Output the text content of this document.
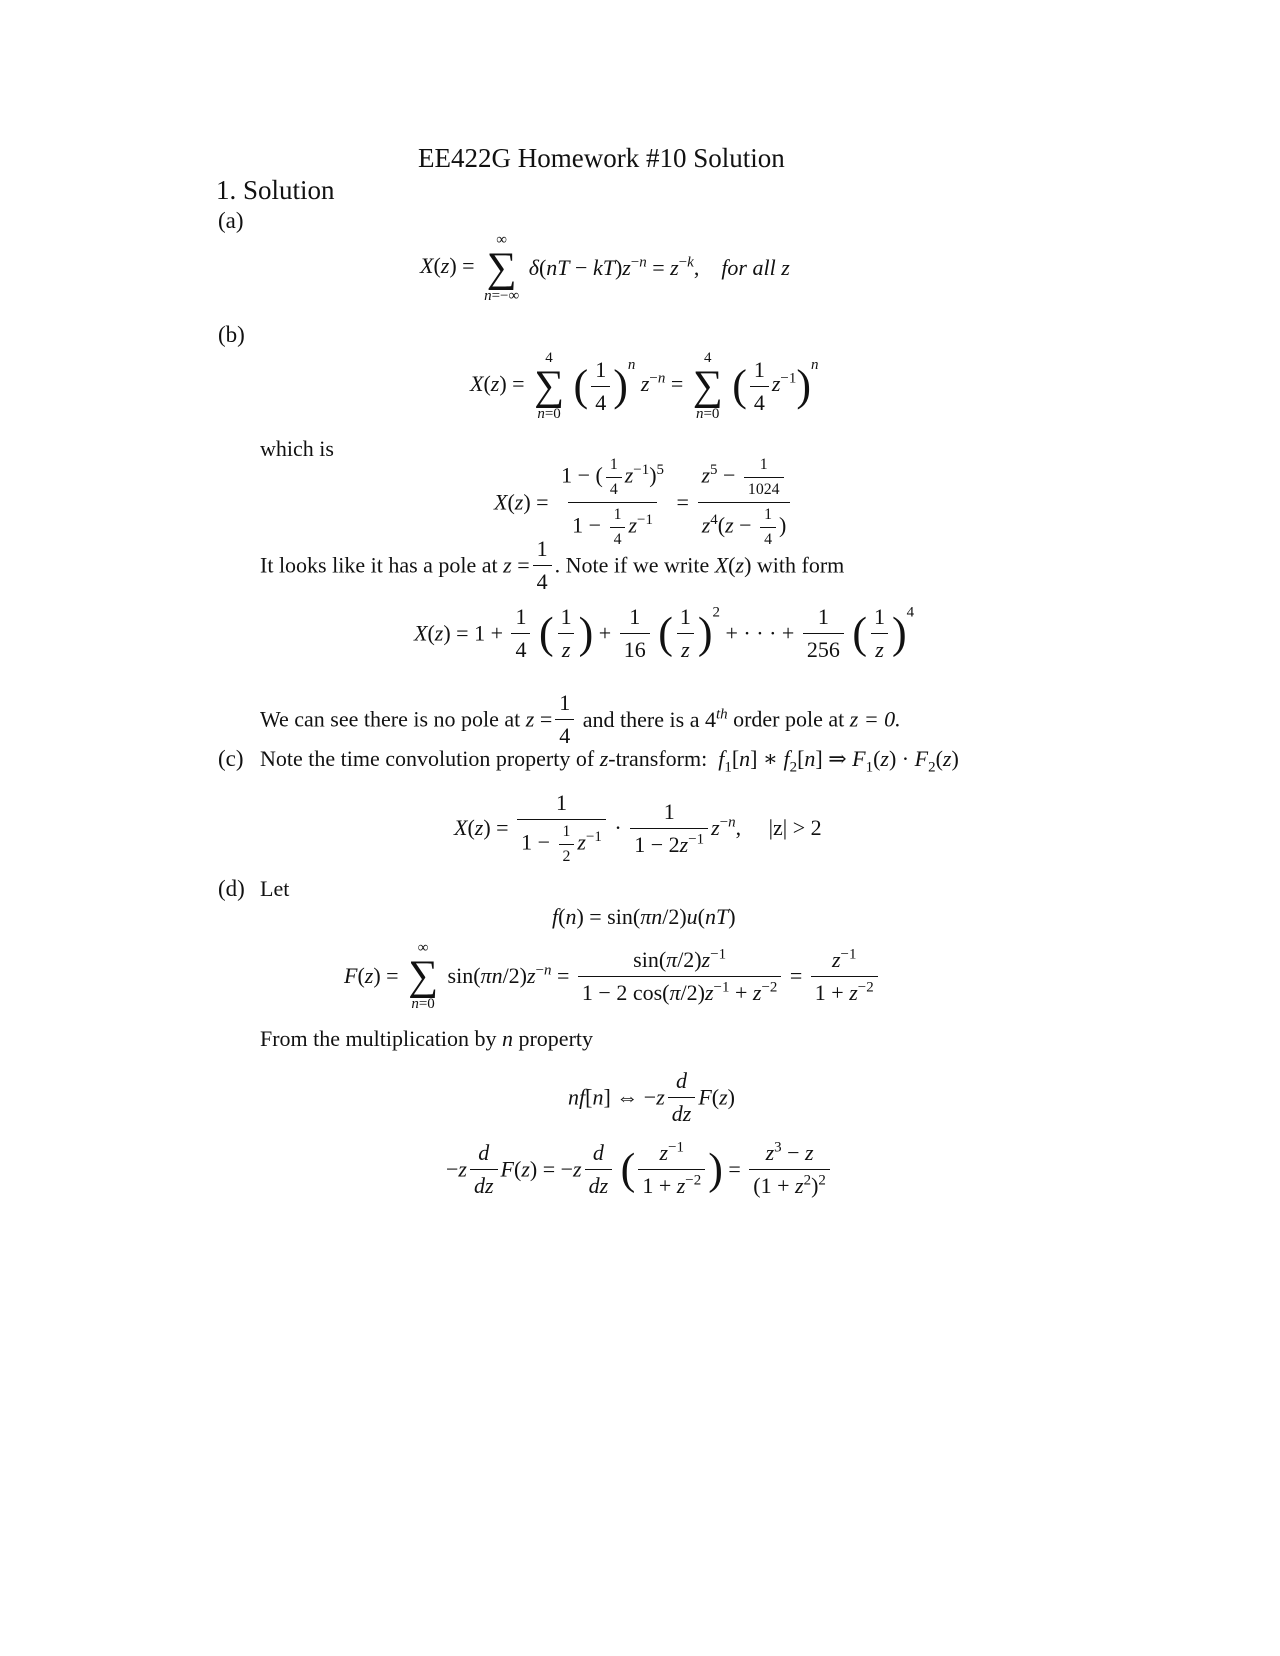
EE422G Homework #10 Solution
1. Solution
(a)
X(z) =
∞
∑
n=−∞
$\delta(nT - kT)z^{-n} = z^{-k}$,    for all z
(b)
X(z) =
4
∑
n=0
( $\frac{1}{4} )^n$ $z^{-n}$ =
4
∑
n=0
( $\frac{1}{4} z^{-1})^n$
which is
$X(z) = \frac{1 - ( \frac{1}{4} z^{-1})^5}{1 - \frac{1}{4} z^{-1}} = \frac{z^5 - \frac{1}{1024}}{z^4(z - \frac{1}{4} )}$
It looks like it has a pole at $z = \frac{1}{4}$ . Note if we write X(z) with form
$X(z) = 1 + \frac{1}{4}$ ( $\frac{1}{z}$ ) + $\frac{1}{16}$ ( $\frac{1}{z} )^2$ + · · · + $\frac{1}{256}$ ( $\frac{1}{z} )^4$
We can see there is no pole at $z = \frac{1}{4}$ and there is a 4th order pole at z = 0.
(c) Note the time convolution property of z-transform: $f_1[n]$ ∗ $f_2[n]$ ⇒ $F_1(z) \cdot F_2(z)$
$X(z) = \frac{1}{1 - \frac{1}{2} z^{-1}} \cdot \frac{1}{1 - 2z^{-1}} z^{-n}$,     |z| > 2
(d) Let
f(n) = sin(πn/2)u(nT)
F(z) =
∞
∑
n=0
$\sin(\pi n/2)z^{-n} = \frac{\sin(\pi/2)z^{-1}}{1 - 2 \cos(\pi/2)z^{-1} + z^{-2}} = \frac{z^{-1}}{1 + z^{-2}}$
From the multiplication by n property
nf[n] ⇔ $-z \frac{d}{dz} F(z)$
$-z \frac{d}{dz} F(z) = -z \frac{d}{dz}$ ( $\frac{z^{-1}}{1 + z^{-2}}$ ) = $\frac{z^3 - z}{(1 + z^2)^2}$
